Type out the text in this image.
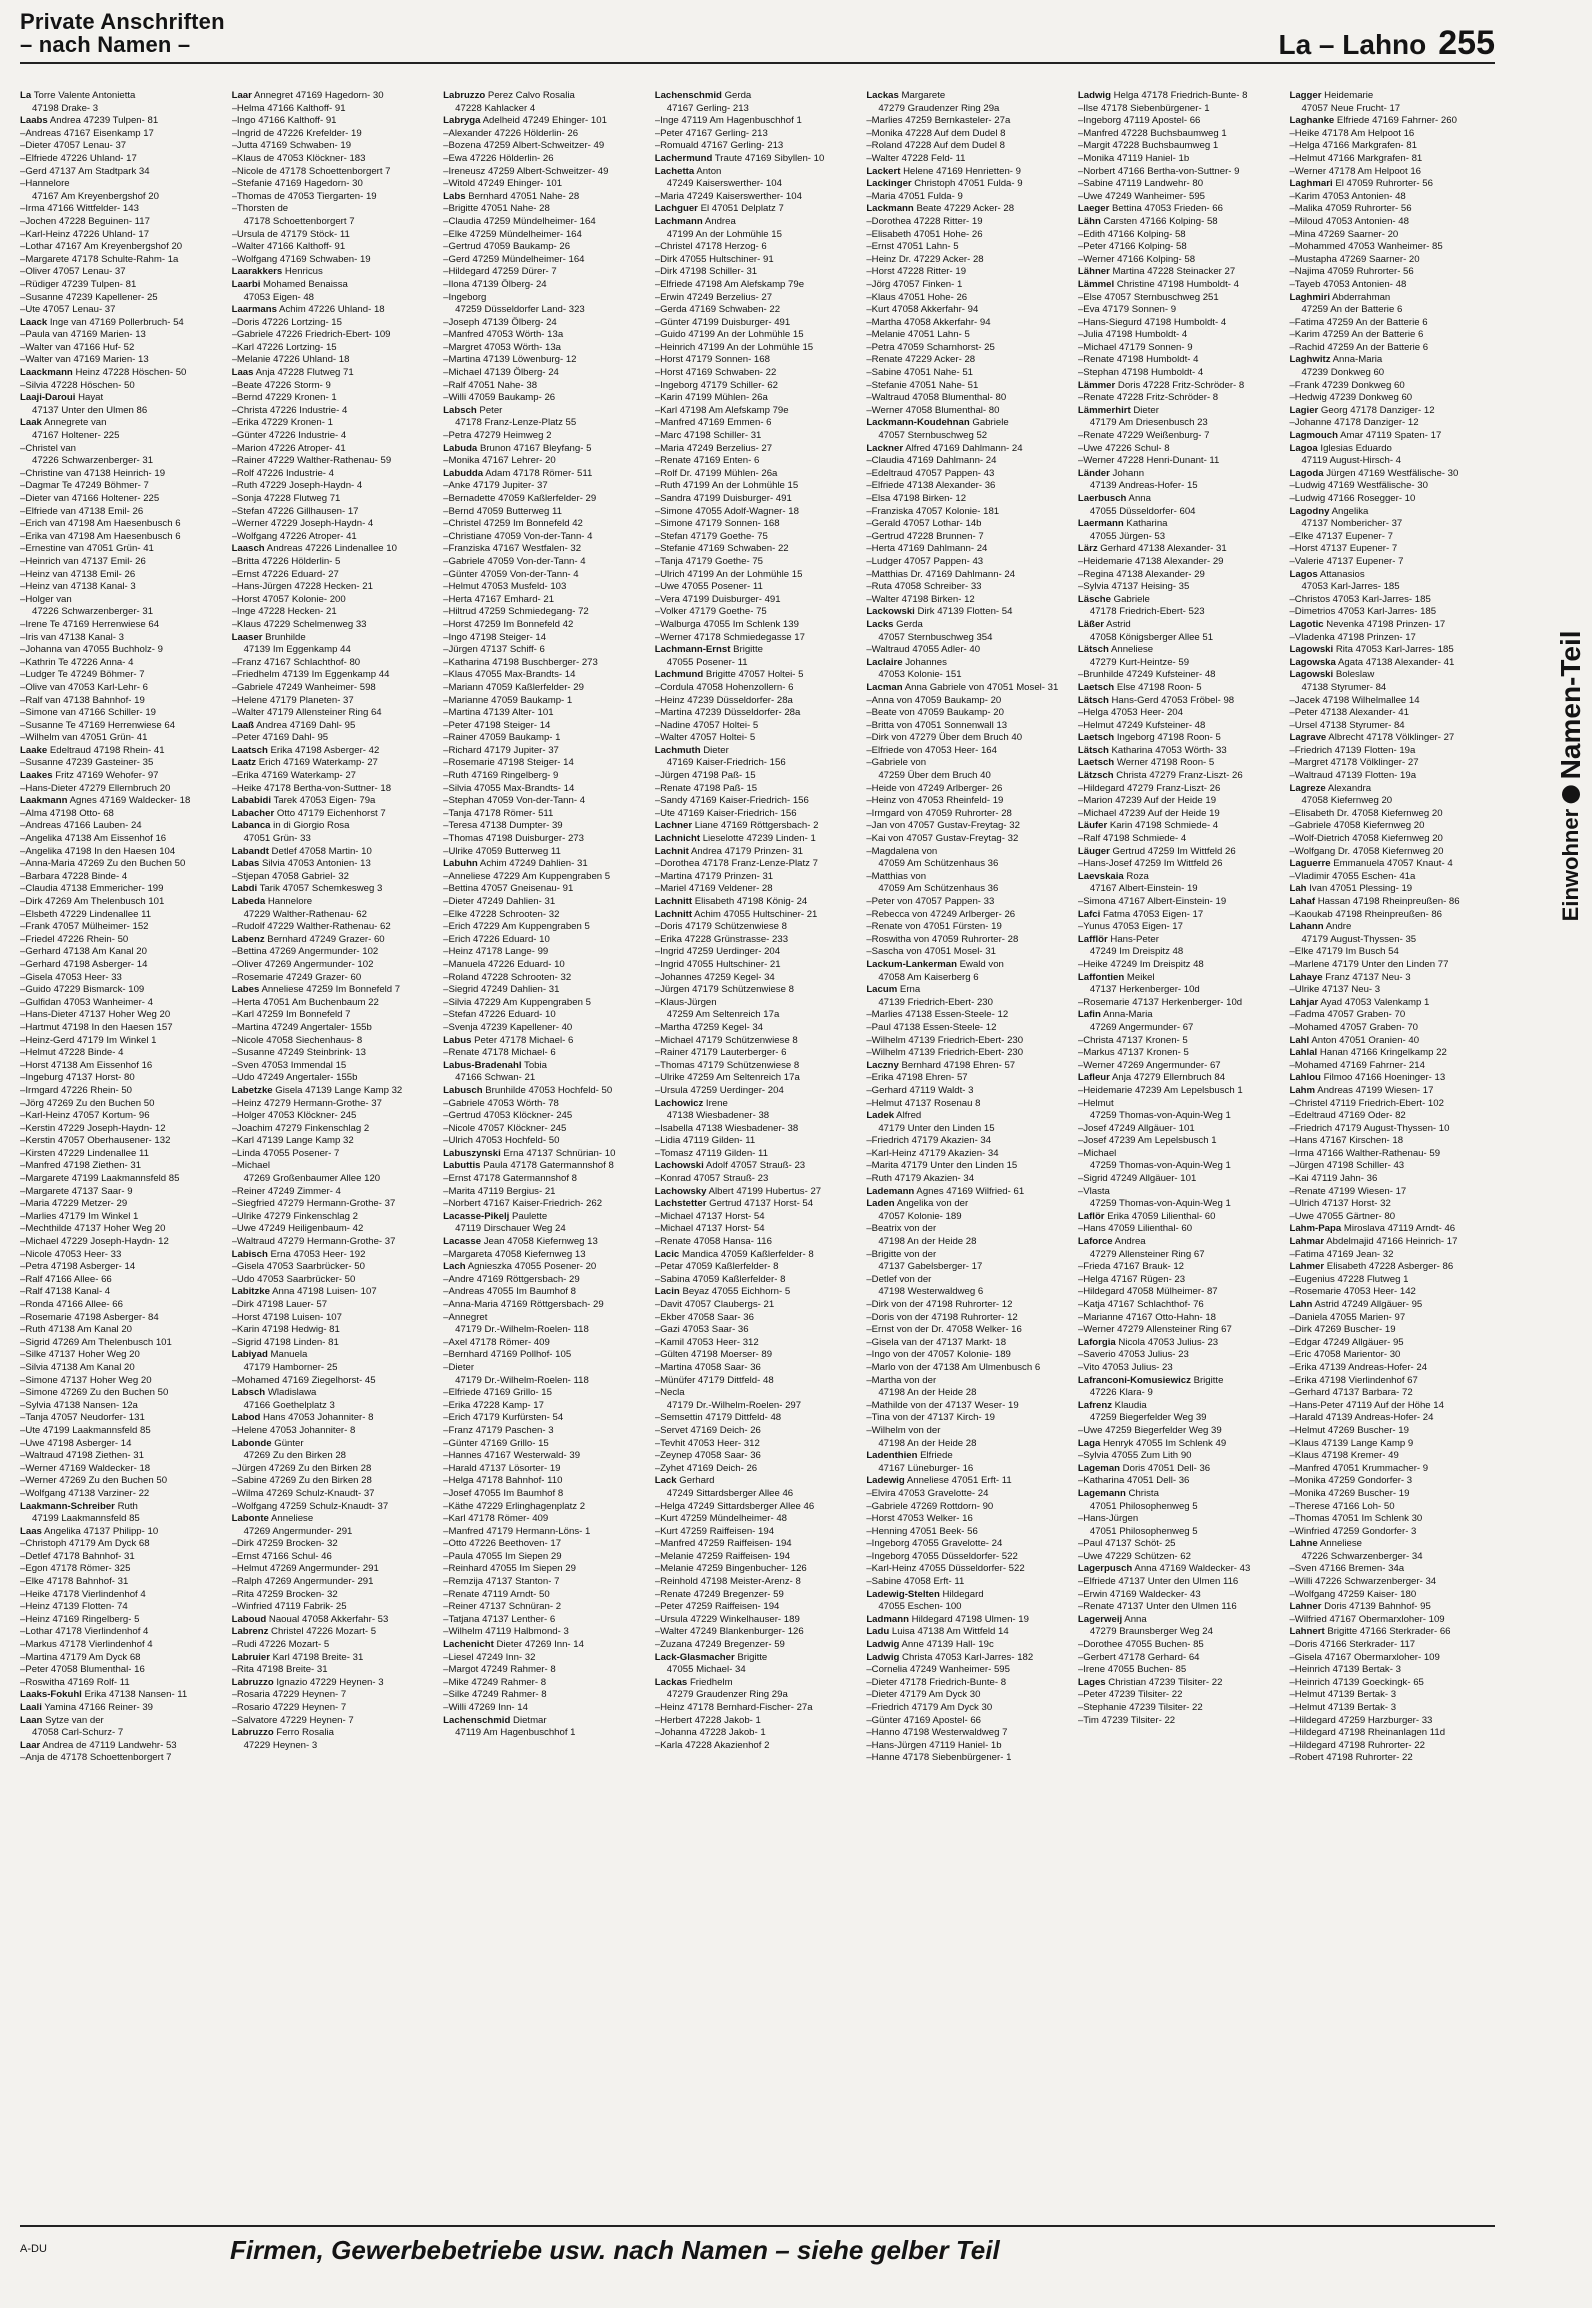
Private Anschriften
– nach Namen –	La – Lahno 255
La Torre Valente Antonietta
47198 Drake- 3
Laabs Andrea 47239 Tulpen- 81
–Andreas 47167 Eisenkamp 17
–Dieter 47057 Lenau- 37
–Elfriede 47226 Uhland- 17
–Gerd 47137 Am Stadtpark 34
–Hannelore
47167 Am Kreyenbergshof 20
–Irma 47166 Wittfelder- 143
–Jochen 47228 Beguinen- 117
–Karl-Heinz 47226 Uhland- 17
–Lothar 47167 Am Kreyenbergshof 20
–Margarete 47178 Schulte-Rahm- 1a
–Oliver 47057 Lenau- 37
–Rüdiger 47239 Tulpen- 81
–Susanne 47239 Kapellener- 25
–Ute 47057 Lenau- 37
Laack Inge van 47169 Pollerbruch- 54
–Paula van 47169 Marien- 13
–Walter van 47166 Huf- 52
–Walter van 47169 Marien- 13
Laackmann Heinz 47228 Höschen- 50
–Silvia 47228 Höschen- 50
Laaji-Daroui Hayat
47137 Unter den Ulmen 86
Laak Annegrete van
47167 Holtener- 225
–Christel van
47226 Schwarzenberger- 31
–Christine van 47138 Heinrich- 19
–Dagmar Te 47249 Böhmer- 7
–Dieter van 47166 Holtener- 225
–Elfriede van 47138 Emil- 26
–Erich van 47198 Am Haesenbusch 6
–Erika van 47198 Am Haesenbusch 6
–Ernestine van 47051 Grün- 41
–Heinrich van 47137 Emil- 26
–Heinz van 47138 Emil- 26
–Heinz van 47138 Kanal- 3
–Holger van
47226 Schwarzenberger- 31
–Irene Te 47169 Herrenwiese 64
–Iris van 47138 Kanal- 3
–Johanna van 47055 Buchholz- 9
–Kathrin Te 47226 Anna- 4
–Ludger Te 47249 Böhmer- 7
–Olive van 47053 Karl-Lehr- 6
–Ralf van 47138 Bahnhof- 19
–Simone van 47166 Schiller- 19
–Susanne Te 47169 Herrenwiese 64
–Wilhelm van 47051 Grün- 41
Laake Edeltraud 47198 Rhein- 41
–Susanne 47239 Gasteiner- 35
Laakes Fritz 47169 Wehofer- 97
–Hans-Dieter 47279 Ellernbruch 20
Laakmann Agnes 47169 Waldecker- 18
–Alma 47198 Otto- 68
–Andreas 47166 Lauben- 24
–Angelika 47138 Am Eissenhof 16
–Angelika 47198 In den Haesen 104
–Anna-Maria 47269 Zu den Buchen 50
–Barbara 47228 Binde- 4
–Claudia 47138 Emmericher- 199
–Dirk 47269 Am Thelenbusch 101
–Elsbeth 47229 Lindenallee 11
–Frank 47057 Mülheimer- 152
–Friedel 47226 Rhein- 50
–Gerhard 47138 Am Kanal 20
–Gerhard 47198 Asberger- 14
–Gisela 47053 Heer- 33
–Guido 47229 Bismarck- 109
–Gulfidan 47053 Wanheimer- 4
–Hans-Dieter 47137 Hoher Weg 20
–Hartmut 47198 In den Haesen 157
–Heinz-Gerd 47179 Im Winkel 1
–Helmut 47228 Binde- 4
–Horst 47138 Am Eissenhof 16
–Ingeburg 47137 Horst- 80
–Irmgard 47226 Rhein- 50
–Jörg 47269 Zu den Buchen 50
–Karl-Heinz 47057 Kortum- 96
–Kerstin 47229 Joseph-Haydn- 12
–Kerstin 47057 Oberhausener- 132
–Kirsten 47229 Lindenallee 11
–Manfred 47198 Ziethen- 31
–Margarete 47199 Laakmannsfeld 85
–Margarete 47137 Saar- 9
–Maria 47229 Metzer- 29
–Marlies 47179 Im Winkel 1
–Mechthilde 47137 Hoher Weg 20
–Michael 47229 Joseph-Haydn- 12
–Nicole 47053 Heer- 33
–Petra 47198 Asberger- 14
–Ralf 47166 Allee- 66
–Ralf 47138 Kanal- 4
–Ronda 47166 Allee- 66
–Rosemarie 47198 Asberger- 84
–Ruth 47138 Am Kanal 20
–Sigrid 47269 Am Thelenbusch 101
–Silke 47137 Hoher Weg 20
–Silvia 47138 Am Kanal 20
–Simone 47137 Hoher Weg 20
–Simone 47269 Zu den Buchen 50
–Sylvia 47138 Nansen- 12a
–Tanja 47057 Neudorfer- 131
–Ute 47199 Laakmannsfeld 85
–Uwe 47198 Asberger- 14
–Waltraud 47198 Ziethen- 31
–Werner 47169 Waldecker- 18
–Werner 47269 Zu den Buchen 50
–Wolfgang 47138 Varziner- 22
Laakmann-Schreiber Ruth
47199 Laakmannsfeld 85
Laas Angelika 47137 Philipp- 10
–Christoph 47179 Am Dyck 68
–Detlef 47178 Bahnhof- 31
–Egon 47178 Römer- 325
–Elke 47178 Bahnhof- 31
–Heike 47178 Vierlindenhof 4
–Heinz 47139 Flotten- 74
–Heinz 47169 Ringelberg- 5
–Lothar 47178 Vierlindenhof 4
–Markus 47178 Vierlindenhof 4
–Martina 47179 Am Dyck 68
–Peter 47058 Blumenthal- 16
–Roswitha 47169 Rolf- 11
Laaks-Fokuhl Erika 47138 Nansen- 11
Laali Yamina 47166 Reiner- 39
Laan Sytze van der
47058 Carl-Schurz- 7
Laar Andrea de 47119 Landwehr- 53
–Anja de 47178 Schoettenborgert 7
Laar Annegret 47169 Hagedorn- 30
–Helma 47166 Kalthoff- 91
–Ingo 47166 Kalthoff- 91
–Ingrid de 47226 Krefelder- 19
–Jutta 47169 Schwaben- 19
–Klaus de 47053 Klöckner- 183
–Nicole de 47178 Schoettenborgert 7
–Stefanie 47169 Hagedorn- 30
–Thomas de 47053 Tiergarten- 19
–Thorsten de
47178 Schoettenborgert 7
–Ursula de 47179 Stöck- 11
–Walter 47166 Kalthoff- 91
–Wolfgang 47169 Schwaben- 19
Laarakkers Henricus
Laarbi Mohamed Benaissa
47053 Eigen- 48
Laarmans Achim 47226 Uhland- 18
–Doris 47226 Lortzing- 15
–Gabriele 47226 Friedrich-Ebert- 109
–Karl 47226 Lortzing- 15
–Melanie 47226 Uhland- 18
Laas Anja 47228 Flutweg 71
–Beate 47226 Storm- 9
–Bernd 47229 Kronen- 1
–Christa 47226 Industrie- 4
–Erika 47229 Kronen- 1
–Günter 47226 Industrie- 4
–Marion 47226 Atroper- 41
–Rainer 47229 Walther-Rathenau- 59
–Rolf 47226 Industrie- 4
–Ruth 47229 Joseph-Haydn- 4
–Sonja 47228 Flutweg 71
–Stefan 47226 Gillhausen- 17
–Werner 47229 Joseph-Haydn- 4
–Wolfgang 47226 Atroper- 41
Laasch Andreas 47226 Lindenallee 10
–Britta 47226 Hölderlin- 5
–Ernst 47226 Eduard- 27
–Hans-Jürgen 47228 Hecken- 21
–Horst 47057 Kolonie- 200
–Inge 47228 Hecken- 21
–Klaus 47229 Schelmenweg 33
Laaser Brunhilde
47139 Im Eggenkamp 44
–Franz 47167 Schlachthof- 80
–Friedhelm 47139 Im Eggenkamp 44
–Gabriele 47249 Wanheimer- 598
–Helene 47179 Planeten- 37
–Walter 47179 Allensteiner Ring 64
Laaß Andrea 47169 Dahl- 95
–Peter 47169 Dahl- 95
Laatsch Erika 47198 Asberger- 42
Laatz Erich 47169 Waterkamp- 27
–Erika 47169 Waterkamp- 27
–Heike 47178 Bertha-von-Suttner- 18
Lababidi Tarek 47053 Eigen- 79a
Labacher Otto 47179 Eichenhorst 7
Labanca in di Giorgio Rosa
47051 Grün- 33
Labandt Detlef 47058 Martin- 10
Labas Silvia 47053 Antonien- 13
–Stjepan 47058 Gabriel- 32
Labdi Tarik 47057 Schemkesweg 3
Labeda Hannelore
47229 Walther-Rathenau- 62
–Rudolf 47229 Walther-Rathenau- 62
Labenz Bernhard 47249 Grazer- 60
–Bettina 47269 Angermunder- 102
–Oliver 47269 Angermunder- 102
–Rosemarie 47249 Grazer- 60
Labes Anneliese 47259 Im Bonnefeld 7
–Herta 47051 Am Buchenbaum 22
–Karl 47259 Im Bonnefeld 7
–Martina 47249 Angertaler- 155b
–Nicole 47058 Siechenhaus- 8
–Susanne 47249 Steinbrink- 13
–Sven 47053 Immendal 15
–Udo 47249 Angertaler- 155b
Labetzke Gisela 47139 Lange Kamp 32
–Heinz 47279 Hermann-Grothe- 37
–Holger 47053 Klöckner- 245
–Joachim 47279 Finkenschlag 2
–Karl 47139 Lange Kamp 32
–Linda 47055 Posener- 7
–Michael
47269 Großenbaumer Allee 120
–Reiner 47249 Zimmer- 4
–Siegfried 47279 Hermann-Grothe- 37
–Ulrike 47279 Finkenschlag 2
–Uwe 47249 Heiligenbaum- 42
–Waltraud 47279 Hermann-Grothe- 37
Labisch Erna 47053 Heer- 192
–Gisela 47053 Saarbrücker- 50
–Udo 47053 Saarbrücker- 50
Labitzke Anna 47198 Luisen- 107
–Dirk 47198 Lauer- 57
–Horst 47198 Luisen- 107
–Karin 47198 Hedwig- 81
–Sigrid 47198 Linden- 81
Labiyad Manuela
47179 Hamborner- 25
–Mohamed 47169 Ziegelhorst- 45
Labsch Wladislawa
47166 Goethelplatz 3
Labod Hans 47053 Johanniter- 8
–Helene 47053 Johanniter- 8
Labonde Günter
47269 Zu den Birken 28
–Jürgen 47269 Zu den Birken 28
–Sabine 47269 Zu den Birken 28
–Wilma 47269 Schulz-Knaudt- 37
–Wolfgang 47259 Schulz-Knaudt- 37
Labonte Anneliese
47269 Angermunder- 291
–Dirk 47259 Brocken- 32
–Ernst 47166 Schul- 46
–Helmut 47269 Angermunder- 291
–Ralph 47269 Angermunder- 291
–Rita 47259 Brocken- 32
–Winfried 47119 Fabrik- 25
Laboud Naoual 47058 Akkerfahr- 53
Labrenz Christel 47226 Mozart- 5
–Rudi 47226 Mozart- 5
Labruier Karl 47198 Breite- 31
–Rita 47198 Breite- 31
Labruzzo Ignazio 47229 Heynen- 3
–Rosaria 47229 Heynen- 7
–Rosario 47229 Heynen- 7
–Salvatore 47229 Heynen- 7
Labruzzo Ferro Rosalia
47229 Heynen- 3
Labruzzo Perez Calvo Rosalia
47228 Kahlacker 4
Labryga Adelheid 47249 Ehinger- 101
–Alexander 47226 Hölderlin- 26
–Bozena 47259 Albert-Schweitzer- 49
–Ewa 47226 Hölderlin- 26
–Ireneusz 47259 Albert-Schweitzer- 49
–Witold 47249 Ehinger- 101
Labs Bernhard 47051 Nahe- 28
–Brigitte 47051 Nahe- 28
–Claudia 47259 Mündelheimer- 164
–Elke 47259 Mündelheimer- 164
–Gertrud 47059 Baukamp- 26
–Gerd 47259 Mündelheimer- 164
–Hildegard 47259 Dürer- 7
–Ilona 47139 Ölberg- 24
–Ingeborg
47259 Düsseldorfer Land- 323
–Joseph 47139 Ölberg- 24
–Manfred 47053 Wörth- 13a
–Margret 47053 Wörth- 13a
–Martina 47139 Löwenburg- 12
–Michael 47139 Ölberg- 24
–Ralf 47051 Nahe- 38
–Willi 47059 Baukamp- 26
Labsch Peter
47178 Franz-Lenze-Platz 55
–Petra 47279 Heimweg 2
Labuda Brunon 47167 Bleyfang- 5
–Monika 47167 Lehrer- 20
Labudda Adam 47178 Römer- 511
–Anke 47179 Jupiter- 37
–Bernadette 47059 Kaßlerfelder- 29
–Bernd 47059 Butterweg 11
–Christel 47259 Im Bonnefeld 42
–Christiane 47059 Von-der-Tann- 4
–Franziska 47167 Westfalen- 32
–Gabriele 47059 Von-der-Tann- 4
–Günter 47059 Von-der-Tann- 4
–Helmut 47053 Musfeld- 103
–Herta 47167 Emhard- 21
–Hiltrud 47259 Schmiedegang- 72
–Horst 47259 Im Bonnefeld 42
–Ingo 47198 Steiger- 14
–Jürgen 47137 Schiff- 6
–Katharina 47198 Buschberger- 273
–Klaus 47055 Max-Brandts- 14
–Mariann 47059 Kaßlerfelder- 29
–Marianne 47059 Baukamp- 1
–Martina 47139 Alter- 101
–Peter 47198 Steiger- 14
–Rainer 47059 Baukamp- 1
–Richard 47179 Jupiter- 37
–Rosemarie 47198 Steiger- 14
–Ruth 47169 Ringelberg- 9
–Silvia 47055 Max-Brandts- 14
–Stephan 47059 Von-der-Tann- 4
–Tanja 47178 Römer- 511
–Teresa 47138 Dumpter- 39
–Thomas 47198 Duisburger- 273
–Ulrike 47059 Butterweg 11
Labuhn Achim 47249 Dahlien- 31
–Anneliese 47229 Am Kuppengraben 5
–Bettina 47057 Gneisenau- 91
–Dieter 47249 Dahlien- 31
–Elke 47228 Schrooten- 32
–Erich 47229 Am Kuppengraben 5
–Erich 47226 Eduard- 10
–Heinz 47178 Lange- 99
–Manuela 47226 Eduard- 10
–Roland 47228 Schrooten- 32
–Siegrid 47249 Dahlien- 31
–Silvia 47229 Am Kuppengraben 5
–Stefan 47226 Eduard- 10
–Svenja 47239 Kapellener- 40
Labus Peter 47178 Michael- 6
–Renate 47178 Michael- 6
Labus-Bradenahl Tobia
47166 Schwan- 21
Labusch Brunhilde 47053 Hochfeld- 50
–Gabriele 47053 Wörth- 78
–Gertrud 47053 Klöckner- 245
–Nicole 47057 Klöckner- 245
–Ulrich 47053 Hochfeld- 50
Labuszynski Erna 47137 Schnürian- 10
Labuttis Paula 47178 Gatermannshof 8
–Ernst 47178 Gatermannshof 8
–Marita 47119 Bergius- 21
–Norbert 47167 Kaiser-Friedrich- 262
Lacasse-Pikelj Paulette
47119 Dirschauer Weg 24
Lacasse Jean 47058 Kiefernweg 13
–Margareta 47058 Kiefernweg 13
Lach Agnieszka 47055 Posener- 20
–Andre 47169 Röttgersbach- 29
–Andreas 47055 Im Baumhof 8
–Anna-Maria 47169 Röttgersbach- 29
–Annegret
47179 Dr.-Wilhelm-Roelen- 118
–Axel 47178 Römer- 409
–Bernhard 47169 Pollhof- 105
–Dieter
47179 Dr.-Wilhelm-Roelen- 118
–Elfriede 47169 Grillo- 15
–Erika 47228 Kamp- 17
–Erich 47179 Kurfürsten- 54
–Franz 47179 Paschen- 3
–Günter 47169 Grillo- 15
–Hannes 47167 Westerwald- 39
–Harald 47137 Lösorter- 19
–Helga 47178 Bahnhof- 110
–Josef 47055 Im Baumhof 8
–Käthe 47229 Erlinghagenplatz 2
–Karl 47178 Römer- 409
–Manfred 47179 Hermann-Löns- 1
–Otto 47226 Beethoven- 17
–Paula 47055 Im Siepen 29
–Reinhard 47055 Im Siepen 29
–Remzija 47137 Stanton- 7
–Renate 47119 Arndt- 50
–Reiner 47137 Schnüran- 2
–Tatjana 47137 Lenther- 6
–Wilhelm 47119 Halbmond- 3
Lachenicht Dieter 47269 Inn- 14
–Liesel 47249 Inn- 32
–Margot 47249 Rahmer- 8
–Mike 47249 Rahmer- 8
–Silke 47249 Rahmer- 8
–Willi 47269 Inn- 14
Lachenschmid Dietmar
47119 Am Hagenbuschhof 1
Lachenschmid Gerda
47167 Gerling- 213
–Inge 47119 Am Hagenbuschhof 1
–Peter 47167 Gerling- 213
–Romuald 47167 Gerling- 213
Lachermund Traute 47169 Sibyllen- 10
Lachetta Anton
47249 Kaiserswerther- 104
–Maria 47249 Kaiserswerther- 104
Lachguer El 47051 Delplatz 7
Lachmann Andrea
47199 An der Lohmühle 15
–Christel 47178 Herzog- 6
–Dirk 47055 Hultschiner- 91
–Dirk 47198 Schiller- 31
–Elfriede 47198 Am Alefskamp 79e
–Erwin 47249 Berzelius- 27
–Gerda 47169 Schwaben- 22
–Günter 47199 Duisburger- 491
–Guido 47199 An der Lohmühle 15
–Heinrich 47199 An der Lohmühle 15
–Horst 47179 Sonnen- 168
–Horst 47169 Schwaben- 22
–Ingeborg 47179 Schiller- 62
–Karin 47199 Mühlen- 26a
–Karl 47198 Am Alefskamp 79e
–Manfred 47169 Emmen- 6
–Marc 47198 Schiller- 31
–Maria 47249 Berzelius- 27
–Renate 47169 Enten- 6
–Rolf Dr. 47199 Mühlen- 26a
–Ruth 47199 An der Lohmühle 15
–Sandra 47199 Duisburger- 491
–Simone 47055 Adolf-Wagner- 18
–Simone 47179 Sonnen- 168
–Stefan 47179 Goethe- 75
–Stefanie 47169 Schwaben- 22
–Tanja 47179 Goethe- 75
–Ulrich 47199 An der Lohmühle 15
–Uwe 47055 Posener- 11
–Vera 47199 Duisburger- 491
–Volker 47179 Goethe- 75
–Walburga 47055 Im Schlenk 139
–Werner 47178 Schmiedegasse 17
Lachmann-Ernst Brigitte
47055 Posener- 11
Lachmund Brigitte 47057 Holtei- 5
–Cordula 47058 Hohenzollern- 6
–Heinz 47239 Düsseldorfer- 28a
–Martina 47239 Düsseldorfer- 28a
–Nadine 47057 Holtei- 5
–Walter 47057 Holtei- 5
Lachmuth Dieter
47169 Kaiser-Friedrich- 156
–Jürgen 47198 Paß- 15
–Renate 47198 Paß- 15
–Sandy 47169 Kaiser-Friedrich- 156
–Ute 47169 Kaiser-Friedrich- 156
Lachner Liane 47169 Röttgersbach- 2
Lachnicht Lieselotte 47239 Linden- 1
Lachnit Andrea 47179 Prinzen- 31
–Dorothea 47178 Franz-Lenze-Platz 7
–Martina 47179 Prinzen- 31
–Mariel 47169 Veldener- 28
Lachnitt Elisabeth 47198 König- 24
Lachnitt Achim 47055 Hultschiner- 21
–Doris 47179 Schützenwiese 8
–Erika 47228 Grünstrasse- 233
–Ingrid 47259 Uerdinger- 204
–Ingrid 47055 Hultschiner- 21
–Johannes 47259 Kegel- 34
–Jürgen 47179 Schützenwiese 8
–Klaus-Jürgen
47259 Am Seltenreich 17a
–Martha 47259 Kegel- 34
–Michael 47179 Schützenwiese 8
–Rainer 47179 Lauterberger- 6
–Thomas 47179 Schützenwiese 8
–Ulrike 47259 Am Seltenreich 17a
–Ursula 47259 Uerdinger- 204
Lachowicz Irene
47138 Wiesbadener- 38
–Isabella 47138 Wiesbadener- 38
–Lidia 47119 Gilden- 11
–Tomasz 47119 Gilden- 11
Lachowski Adolf 47057 Strauß- 23
–Konrad 47057 Strauß- 23
Lachowsky Albert 47199 Hubertus- 27
Lachstetter Gertrud 47137 Horst- 54
–Michael 47137 Horst- 54
–Michael 47137 Horst- 54
–Renate 47058 Hansa- 116
Lacic Mandica 47059 Kaßlerfelder- 8
–Petar 47059 Kaßlerfelder- 8
–Sabina 47059 Kaßlerfelder- 8
Lacin Beyaz 47055 Eichhorn- 5
–Davit 47057 Claubergs- 21
–Ekber 47058 Saar- 36
–Gazi 47053 Saar- 36
–Kamil 47053 Heer- 312
–Gülten 47198 Moerser- 89
–Martina 47058 Saar- 36
–Münüfer 47179 Dittfeld- 48
–Necla
47179 Dr.-Wilhelm-Roelen- 297
–Semsettin 47179 Dittfeld- 48
–Servet 47169 Deich- 26
–Tevhit 47053 Heer- 312
–Zeynep 47058 Saar- 36
–Zyhet 47169 Deich- 26
Lack Gerhard
47249 Sittardsberger Allee 46
–Helga 47249 Sittardsberger Allee 46
–Kurt 47259 Mündelheimer- 48
–Kurt 47259 Raiffeisen- 194
–Manfred 47259 Raiffeisen- 194
–Melanie 47259 Raiffeisen- 194
–Melanie 47259 Bingenbucher- 126
–Reinhold 47198 Meister-Arenz- 8
–Renate 47249 Bregenzer- 59
–Peter 47259 Raiffeisen- 194
–Ursula 47229 Winkelhauser- 189
–Walter 47249 Blankenburger- 126
–Zuzana 47249 Bregenzer- 59
Lack-Glasmacher Brigitte
47055 Michael- 34
Lackas Friedhelm
47279 Graudenzer Ring 29a
–Heinz 47178 Bernhard-Fischer- 27a
–Herbert 47228 Jakob- 1
–Johanna 47228 Jakob- 1
–Karla 47228 Akazienhof 2
Lackas Margarete
47279 Graudenzer Ring 29a
–Marlies 47259 Bernkasteler- 27a
–Monika 47228 Auf dem Dudel 8
–Roland 47228 Auf dem Dudel 8
–Walter 47228 Feld- 11
Lackert Helene 47169 Henrietten- 9
Lackinger Christoph 47051 Fulda- 9
–Maria 47051 Fulda- 9
Lackmann Beate 47229 Acker- 28
–Dorothea 47228 Ritter- 19
–Elisabeth 47051 Hohe- 26
–Ernst 47051 Lahn- 5
–Heinz Dr. 47229 Acker- 28
–Horst 47228 Ritter- 19
–Jörg 47057 Finken- 1
–Klaus 47051 Hohe- 26
–Kurt 47058 Akkerfahr- 94
–Martha 47058 Akkerfahr- 94
–Melanie 47051 Lahn- 5
–Petra 47059 Scharnhorst- 25
–Renate 47229 Acker- 28
–Sabine 47051 Nahe- 51
–Stefanie 47051 Nahe- 51
–Waltraud 47058 Blumenthal- 80
–Werner 47058 Blumenthal- 80
Lackmann-Koudehnan Gabriele
47057 Sternbuschweg 52
Lackner Alfred 47169 Dahlmann- 24
–Claudia 47169 Dahlmann- 24
–Edeltraud 47057 Pappen- 43
–Elfriede 47138 Alexander- 36
–Elsa 47198 Birken- 12
–Franziska 47057 Kolonie- 181
–Gerald 47057 Lothar- 14b
–Gertrud 47228 Brunnen- 7
–Herta 47169 Dahlmann- 24
–Ludger 47057 Pappen- 43
–Matthias Dr. 47169 Dahlmann- 24
–Ruta 47058 Schreiber- 33
–Walter 47198 Birken- 12
Lackowski Dirk 47139 Flotten- 54
Lacks Gerda
47057 Sternbuschweg 354
–Waltraud 47055 Adler- 40
Laclaire Johannes
47053 Kolonie- 151
Lacman Anna Gabriele von 47051 Mosel- 31
–Anna von 47059 Baukamp- 20
–Beate von 47059 Baukamp- 20
–Britta von 47051 Sonnenwall 13
–Dirk von 47279 Über dem Bruch 40
–Elfriede von 47053 Heer- 164
–Gabriele von
47259 Über dem Bruch 40
–Heide von 47249 Arlberger- 26
–Heinz von 47053 Rheinfeld- 19
–Irmgard von 47059 Ruhrorter- 28
–Jan von 47057 Gustav-Freytag- 32
–Kai von 47057 Gustav-Freytag- 32
–Magdalena von
47059 Am Schützenhaus 36
–Matthias von
47059 Am Schützenhaus 36
–Peter von 47057 Pappen- 33
–Rebecca von 47249 Arlberger- 26
–Renate von 47051 Fürsten- 19
–Roswitha von 47059 Ruhrorter- 28
–Sascha von 47051 Mosel- 31
Lackum-Lankerman Ewald von
47058 Am Kaiserberg 6
Lacum Erna
47139 Friedrich-Ebert- 230
–Marlies 47138 Essen-Steele- 12
–Paul 47138 Essen-Steele- 12
–Wilhelm 47139 Friedrich-Ebert- 230
–Wilhelm 47139 Friedrich-Ebert- 230
Laczny Bernhard 47198 Ehren- 57
–Erika 47198 Ehren- 57
–Gerhard 47119 Waldt- 3
–Helmut 47137 Rosenau 8
Ladek Alfred
47179 Unter den Linden 15
–Friedrich 47179 Akazien- 34
–Karl-Heinz 47179 Akazien- 34
–Marita 47179 Unter den Linden 15
–Ruth 47179 Akazien- 34
Lademann Agnes 47169 Wilfried- 61
Laden Angelika von der
47057 Kolonie- 189
–Beatrix von der
47198 An der Heide 28
–Brigitte von der
47137 Gabelsberger- 17
–Detlef von der
47198 Westerwaldweg 6
–Dirk von der 47198 Ruhrorter- 12
–Doris von der 47198 Ruhrorter- 12
–Ernst von der Dr. 47058 Welker- 16
–Gisela van der 47137 Markt- 18
–Ingo von der 47057 Kolonie- 189
–Marlo von der 47138 Am Ulmenbusch 6
–Martha von der
47198 An der Heide 28
–Mathilde von der 47137 Weser- 19
–Tina von der 47137 Kirch- 19
–Wilhelm von der
47198 An der Heide 28
Ladenthien Elfriede
47167 Lüneburger- 16
Ladewig Anneliese 47051 Erft- 11
–Elvira 47053 Gravelotte- 24
–Gabriele 47269 Rottdorn- 90
–Horst 47053 Welker- 16
–Henning 47051 Beek- 56
–Ingeborg 47055 Gravelotte- 24
–Ingeborg 47055 Düsseldorfer- 522
–Karl-Heinz 47055 Düsseldorfer- 522
–Sabine 47058 Erft- 11
Ladewig-Stelten Hildegard
47055 Eschen- 100
Ladmann Hildegard 47198 Ulmen- 19
Ladu Luisa 47138 Am Wittfeld 14
Ladwig Anne 47139 Hall- 19c
Ladwig Christa 47053 Karl-Jarres- 182
–Cornelia 47249 Wanheimer- 595
–Dieter 47178 Friedrich-Bunte- 8
–Dieter 47179 Am Dyck 30
–Friedrich 47179 Am Dyck 30
–Günter 47169 Apostel- 66
–Hanno 47198 Westerwaldweg 7
–Hans-Jürgen 47119 Haniel- 1b
–Hanne 47178 Siebenbürgener- 1
Ladwig Helga 47178 Friedrich-Bunte- 8
–Ilse 47178 Siebenbürgener- 1
–Ingeborg 47119 Apostel- 66
–Manfred 47228 Buchsbaumweg 1
–Margit 47228 Buchsbaumweg 1
–Monika 47119 Haniel- 1b
–Norbert 47166 Bertha-von-Suttner- 9
–Sabine 47119 Landwehr- 80
–Uwe 47249 Wanheimer- 595
Laeger Bettina 47053 Frieden- 66
Lähn Carsten 47166 Kolping- 58
–Edith 47166 Kolping- 58
–Peter 47166 Kolping- 58
–Werner 47166 Kolping- 58
Lähner Martina 47228 Steinacker 27
Lämmel Christine 47198 Humboldt- 4
–Else 47057 Sternbuschweg 251
–Eva 47179 Sonnen- 9
–Hans-Siegurd 47198 Humboldt- 4
–Julia 47198 Humboldt- 4
–Michael 47179 Sonnen- 9
–Renate 47198 Humboldt- 4
–Stephan 47198 Humboldt- 4
Lämmer Doris 47228 Fritz-Schröder- 8
–Renate 47228 Fritz-Schröder- 8
Lämmerhirt Dieter
47179 Am Driesenbusch 23
–Renate 47229 Weißenburg- 7
–Uwe 47226 Schul- 8
–Werner 47228 Henri-Dunant- 11
Länder Johann
47139 Andreas-Hofer- 15
Laerbusch Anna
47055 Düsseldorfer- 604
Laermann Katharina
47055 Jürgen- 53
Lärz Gerhard 47138 Alexander- 31
–Heidemarie 47138 Alexander- 29
–Regina 47138 Alexander- 29
–Sylvia 47137 Heising- 35
Läsche Gabriele
47178 Friedrich-Ebert- 523
Läßer Astrid
47058 Königsberger Allee 51
Lätsch Anneliese
47279 Kurt-Heintze- 59
–Brunhilde 47249 Kufsteiner- 48
Laetsch Else 47198 Roon- 5
Lätsch Hans-Gerd 47053 Fröbel- 98
–Helga 47053 Heer- 204
–Helmut 47249 Kufsteiner- 48
Laetsch Ingeborg 47198 Roon- 5
Lätsch Katharina 47053 Wörth- 33
Laetsch Werner 47198 Roon- 5
Lätzsch Christa 47279 Franz-Liszt- 26
–Hildegard 47279 Franz-Liszt- 26
–Marion 47239 Auf der Heide 19
–Michael 47239 Auf der Heide 19
Läufer Karin 47198 Schmiede- 4
–Ralf 47198 Schmiede- 4
Läuger Gertrud 47259 Im Wittfeld 26
–Hans-Josef 47259 Im Wittfeld 26
Laevskaia Roza
47167 Albert-Einstein- 19
–Simona 47167 Albert-Einstein- 19
Lafci Fatma 47053 Eigen- 17
–Yunus 47053 Eigen- 17
Lafflör Hans-Peter
47249 Im Dreispitz 48
–Heike 47249 Im Dreispitz 48
Laffontien Meikel
47137 Herkenberger- 10d
–Rosemarie 47137 Herkenberger- 10d
Lafin Anna-Maria
47269 Angermunder- 67
–Christa 47137 Kronen- 5
–Markus 47137 Kronen- 5
–Werner 47269 Angermunder- 67
Lafleur Anja 47279 Ellernbruch 84
–Heidemarie 47239 Am Lepelsbusch 1
–Helmut
47259 Thomas-von-Aquin-Weg 1
–Josef 47249 Allgäuer- 101
–Josef 47239 Am Lepelsbusch 1
–Michael
47259 Thomas-von-Aquin-Weg 1
–Sigrid 47249 Allgäuer- 101
–Vlasta
47259 Thomas-von-Aquin-Weg 1
Laflör Erika 47059 Lilienthal- 60
–Hans 47059 Lilienthal- 60
Laforce Andrea
47279 Allensteiner Ring 67
–Frieda 47167 Brauk- 12
–Helga 47167 Rügen- 23
–Hildegard 47058 Mülheimer- 87
–Katja 47167 Schlachthof- 76
–Marianne 47167 Otto-Hahn- 18
–Werner 47279 Allensteiner Ring 67
Laforgia Nicola 47053 Julius- 23
–Saverio 47053 Julius- 23
–Vito 47053 Julius- 23
Lafranconi-Komusiewicz Brigitte
47226 Klara- 9
Lafrenz Klaudia
47259 Biegerfelder Weg 39
–Uwe 47259 Biegerfelder Weg 39
Laga Henryk 47055 Im Schlenk 49
–Sylvia 47055 Zum Lith 90
Lageman Doris 47051 Dell- 36
–Katharina 47051 Dell- 36
Lagemann Christa
47051 Philosophenweg 5
–Hans-Jürgen
47051 Philosophenweg 5
–Paul 47137 Schöt- 25
–Uwe 47229 Schützen- 62
Lagerpusch Anna 47169 Waldecker- 43
–Elfriede 47137 Unter den Ulmen 116
–Erwin 47169 Waldecker- 43
–Renate 47137 Unter den Ulmen 116
Lagerweij Anna
47279 Braunsberger Weg 24
–Dorothee 47055 Buchen- 85
–Gerbert 47178 Gerhard- 64
–Irene 47055 Buchen- 85
Lages Christian 47239 Tilsiter- 22
–Peter 47239 Tilsiter- 22
–Stephanie 47239 Tilsiter- 22
–Tim 47239 Tilsiter- 22
Lagger Heidemarie
47057 Neue Frucht- 17
Laghanke Elfriede 47169 Fahrner- 260
–Heike 47178 Am Helpoot 16
–Helga 47166 Markgrafen- 81
–Helmut 47166 Markgrafen- 81
–Werner 47178 Am Helpoot 16
Laghmari El 47059 Ruhrorter- 56
–Karim 47053 Antonien- 48
–Malika 47059 Ruhrorter- 56
–Miloud 47053 Antonien- 48
–Mina 47269 Saarner- 20
–Mohammed 47053 Wanheimer- 85
–Mustapha 47269 Saarner- 20
–Najima 47059 Ruhrorter- 56
–Tayeb 47053 Antonien- 48
Laghmiri Abderrahman
47259 An der Batterie 6
–Fatima 47259 An der Batterie 6
–Karim 47259 An der Batterie 6
–Rachid 47259 An der Batterie 6
Laghwitz Anna-Maria
47239 Donkweg 60
–Frank 47239 Donkweg 60
–Hedwig 47239 Donkweg 60
Lagier Georg 47178 Danziger- 12
–Johanne 47178 Danziger- 12
Lagmouch Amar 47119 Spaten- 17
Lagoa Iglesias Eduardo
47119 August-Hirsch- 4
Lagoda Jürgen 47169 Westfälische- 30
–Ludwig 47169 Westfälische- 30
–Ludwig 47166 Rosegger- 10
Lagodny Angelika
47137 Nombericher- 37
–Elke 47137 Eupener- 7
–Horst 47137 Eupener- 7
–Valerie 47137 Eupener- 7
Lagos Attanasios
47053 Karl-Jarres- 185
–Christos 47053 Karl-Jarres- 185
–Dimetrios 47053 Karl-Jarres- 185
Lagotic Nevenka 47198 Prinzen- 17
–Vladenka 47198 Prinzen- 17
Lagowski Rita 47053 Karl-Jarres- 185
Lagowska Agata 47138 Alexander- 41
Lagowski Boleslaw
47138 Styrumer- 84
–Jacek 47198 Wilhelmallee 14
–Peter 47138 Alexander- 41
–Ursel 47138 Styrumer- 84
Lagrave Albrecht 47178 Völklinger- 27
–Friedrich 47139 Flotten- 19a
–Margret 47178 Völklinger- 27
–Waltraud 47139 Flotten- 19a
Lagreze Alexandra
47058 Kiefernweg 20
–Elisabeth Dr. 47058 Kiefernweg 20
–Gabriele 47058 Kiefernweg 20
–Wolf-Dietrich 47058 Kiefernweg 20
–Wolfgang Dr. 47058 Kiefernweg 20
Laguerre Emmanuela 47057 Knaut- 4
–Vladimir 47055 Eschen- 41a
Lah Ivan 47051 Plessing- 19
Lahaf Hassan 47198 Rheinpreußen- 86
–Kaoukab 47198 Rheinpreußen- 86
Lahann Andre
47179 August-Thyssen- 35
–Elke 47179 Im Busch 54
–Marlene 47179 Unter den Linden 77
Lahaye Franz 47137 Neu- 3
–Ulrike 47137 Neu- 3
Lahjar Ayad 47053 Valenkamp 1
–Fadma 47057 Graben- 70
–Mohamed 47057 Graben- 70
Lahl Anton 47051 Oranien- 40
Lahlal Hanan 47166 Kringelkamp 22
–Mohamed 47169 Fahrner- 214
Lahlou Filmoo 47166 Hoeninger- 13
Lahm Andreas 47199 Wiesen- 17
–Christel 47119 Friedrich-Ebert- 102
–Edeltraud 47169 Oder- 82
–Friedrich 47179 August-Thyssen- 10
–Hans 47167 Kirschen- 18
–Irma 47166 Walther-Rathenau- 59
–Jürgen 47198 Schiller- 43
–Kai 47119 Jahn- 36
–Renate 47199 Wiesen- 17
–Ulrich 47137 Horst- 32
–Uwe 47055 Gärtner- 80
Lahm-Papa Miroslava 47119 Arndt- 46
Lahmar Abdelmajid 47166 Heinrich- 17
–Fatima 47169 Jean- 32
Lahmer Elisabeth 47228 Asberger- 86
–Eugenius 47228 Flutweg 1
–Rosemarie 47053 Heer- 142
Lahn Astrid 47249 Allgäuer- 95
–Daniela 47055 Marien- 97
–Dirk 47269 Buscher- 19
–Edgar 47249 Allgäuer- 95
–Eric 47058 Marientor- 30
–Erika 47139 Andreas-Hofer- 24
–Erika 47198 Vierlindenhof 67
–Gerhard 47137 Barbara- 72
–Hans-Peter 47119 Auf der Höhe 14
–Harald 47139 Andreas-Hofer- 24
–Helmut 47269 Buscher- 19
–Klaus 47139 Lange Kamp 9
–Klaus 47198 Kremer- 49
–Manfred 47051 Krummacher- 9
–Monika 47259 Gondorfer- 3
–Monika 47269 Buscher- 19
–Therese 47166 Loh- 50
–Thomas 47051 Im Schlenk 30
–Winfried 47259 Gondorfer- 3
Lahne Anneliese
47226 Schwarzenberger- 34
–Sven 47166 Bremen- 34a
–Willi 47226 Schwarzenberger- 34
–Wolfgang 47259 Kaiser- 180
Lahner Doris 47139 Bahnhof- 95
–Wilfried 47167 Obermarxloher- 109
Lahnert Brigitte 47166 Sterkrader- 66
–Doris 47166 Sterkrader- 117
–Gisela 47167 Obermarxloher- 109
–Heinrich 47139 Bertak- 3
–Heinrich 47139 Goeckingk- 65
–Helmut 47139 Bertak- 3
–Helmut 47139 Bertak- 3
–Hildegard 47259 Harzburger- 33
–Hildegard 47198 Rheinanlagen 11d
–Hildegard 47198 Ruhrorter- 22
–Robert 47198 Ruhrorter- 22
Einwohner
Namen-Teil
A-DU	Firmen, Gewerbebetriebe usw. nach Namen – siehe gelber Teil
